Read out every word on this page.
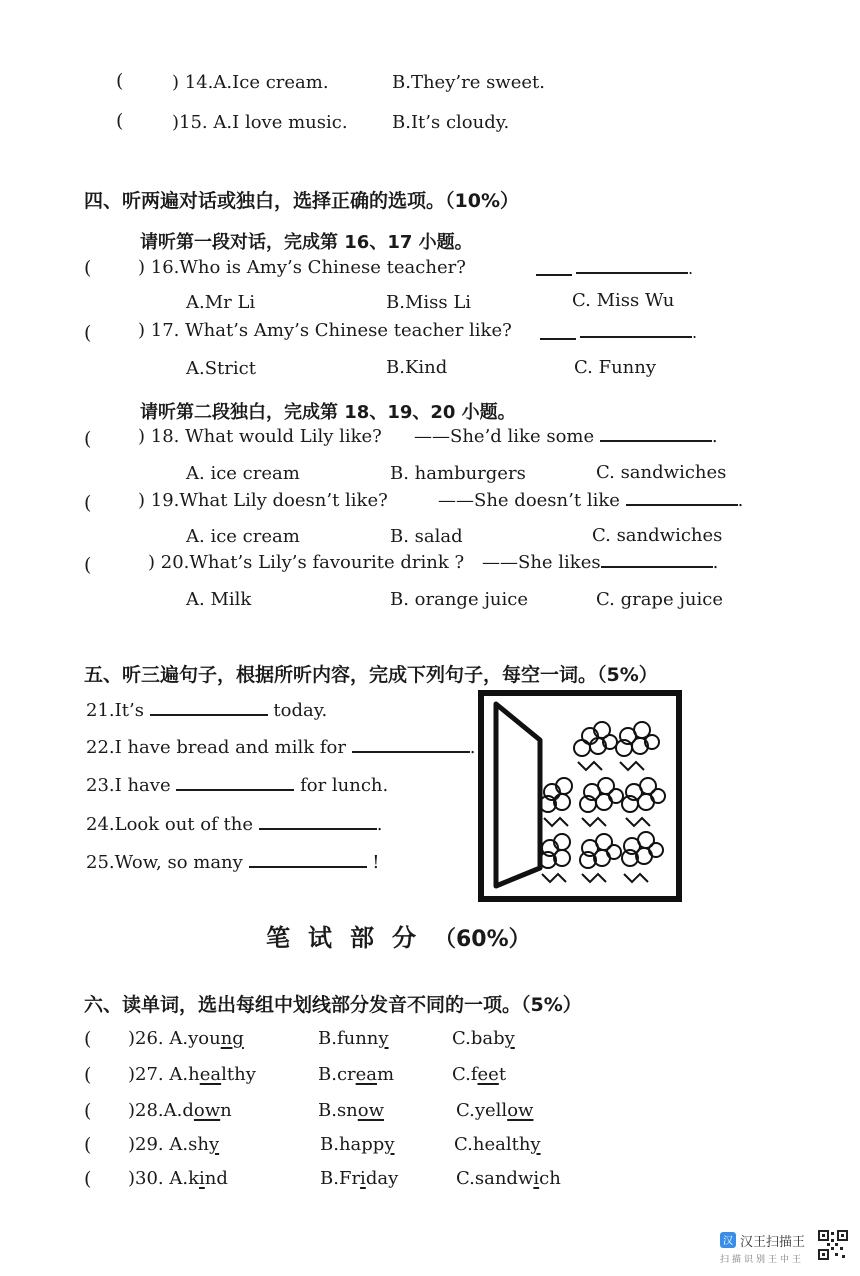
(	) 14.A.Ice cream.	B.They’re sweet.
(	)15. A.I love music. B.It’s cloudy.
四、听两遍对话或独白，选择正确的选项。（10%）
请听第一段对话，完成第 16、17 小题。
(	) 16.Who is Amy’s Chinese teacher?	.
A.Mr Li	B.Miss Li	C. Miss Wu
(	) 17. What’s Amy’s Chinese teacher like?	.
A.Strict	B.Kind	C. Funny
请听第二段独白，完成第 18、19、20 小题。
(	) 18. What would Lily like? ——She’d like some	.
A. ice cream	B. hamburgers	C. sandwiches
(	) 19.What Lily doesn’t like?	——She doesn’t like	.
A. ice cream	B. salad	C. sandwiches
(	) 20.What’s Lily’s favourite drink ? ——She likes	.
A. Milk	B. orange juice	C. grape juice
五、听三遍句子，根据所听内容，完成下列句子，每空一词。（5%）
21.It’s	today.
22.I have bread and milk for	.
23.I have	for lunch.
24.Look out of the	.
25.Wow, so many	!
笔试部分（60%）
六、读单词，选出每组中划线部分发音不同的一项。（5%）
( )26. A.young	B.funny	C.baby
( )27. A.healthy	B.cream	C.feet
( )28.A.down	B.snow	C.yellow
( )29. A.shy	B.happy	C.healthy
( )30. A.kind	B.Friday	C.sandwich
汉 汉王扫描王
扫描识别王中王
